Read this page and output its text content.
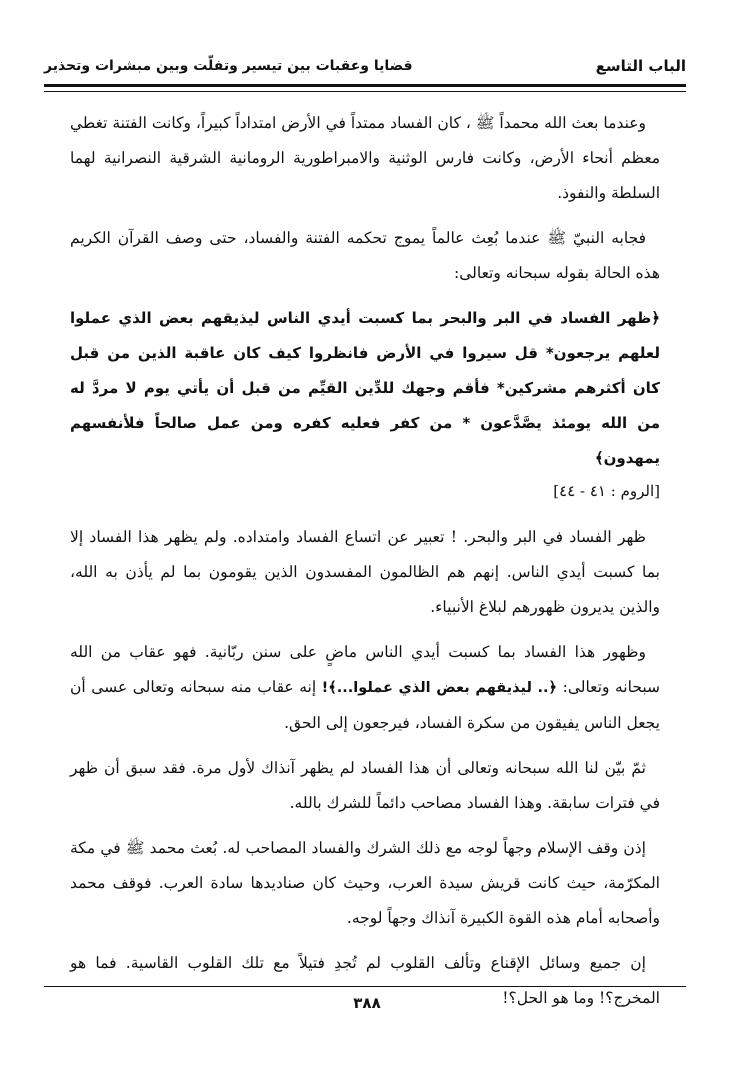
الباب التاسع
قضايا وعقبات بين تيسير وتفلّت وبين مبشرات وتحذير

وعندما بعث الله محمداً ﷺ ، كان الفساد ممتداً في الأرض امتداداً كبيراً، وكانت الفتنة تغطي معظم أنحاء الأرض، وكانت فارس الوثنية والامبراطورية الرومانية الشرقية النصرانية لهما السلطة والنفوذ.

فجابه النبيّ ﷺ عندما بُعِث عالماً يموج تحكمه الفتنة والفساد، حتى وصف القرآن الكريم هذه الحالة بقوله سبحانه وتعالى:

﴿ظهر الفساد في البر والبحر بما كسبت أيدي الناس ليذيقهم بعض الذي عملوا لعلهم يرجعون* قل سيروا في الأرض فانظروا كيف كان عاقبة الذين من قبل كان أكثرهم مشركين* فأقم وجهك للدِّين القيِّم من قبل أن يأتي يوم لا مردَّ له من الله يومئذ يصَّدَّعون * من كفر فعليه كفره ومن عمل صالحاً فلأنفسهم يمهدون﴾

[الروم : ٤١ - ٤٤]

ظهر الفساد في البر والبحر. ! تعبير عن اتساع الفساد وامتداده. ولم يظهر هذا الفساد إلا بما كسبت أيدي الناس. إنهم هم الظالمون المفسدون الذين يقومون بما لم يأذن به الله، والذين يديرون ظهورهم لبلاغ الأنبياء.

وظهور هذا الفساد بما كسبت أيدي الناس ماضٍ على سنن ربّانية. فهو عقاب من الله سبحانه وتعالى: ﴿.. ليذيقهم بعض الذي عملوا...﴾! إنه عقاب منه سبحانه وتعالى عسى أن يجعل الناس يفيقون من سكرة الفساد، فيرجعون إلى الحق.

ثمّ بيّن لنا الله سبحانه وتعالى أن هذا الفساد لم يظهر آنذاك لأول مرة. فقد سبق أن ظهر في فترات سابقة. وهذا الفساد مصاحب دائماً للشرك بالله.

إذن وقف الإسلام وجهاً لوجه مع ذلك الشرك والفساد المصاحب له. بُعث محمد ﷺ في مكة المكرّمة، حيث كانت قريش سيدة العرب، وحيث كان صناديدها سادة العرب. فوقف محمد وأصحابه أمام هذه القوة الكبيرة آنذاك وجهاً لوجه.

إن جميع وسائل الإقناع وتألف القلوب لم تُجدِ فتيلاً مع تلك القلوب القاسية. فما هو المخرج؟! وما هو الحل؟!

٣٨٨
